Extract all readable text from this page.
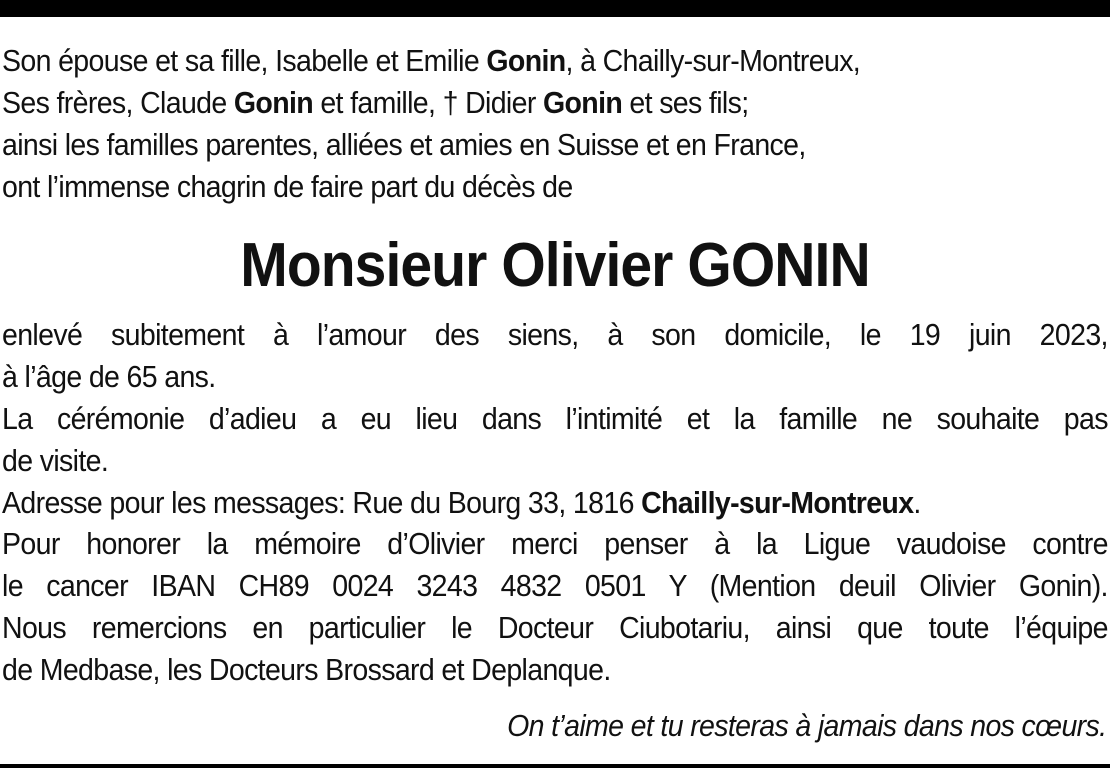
Son épouse et sa fille, Isabelle et Emilie Gonin, à Chailly-sur-Montreux,
Ses frères, Claude Gonin et famille, † Didier Gonin et ses fils;
ainsi les familles parentes, alliées et amies en Suisse et en France,
ont l’immense chagrin de faire part du décès de
Monsieur Olivier GONIN
enlevé subitement à l’amour des siens, à son domicile, le 19 juin 2023,
à l’âge de 65 ans.
La cérémonie d’adieu a eu lieu dans l’intimité et la famille ne souhaite pas
de visite.
Adresse pour les messages: Rue du Bourg 33, 1816 Chailly-sur-Montreux.
Pour honorer la mémoire d’Olivier merci penser à la Ligue vaudoise contre
le cancer IBAN CH89 0024 3243 4832 0501 Y (Mention deuil Olivier Gonin).
Nous remercions en particulier le Docteur Ciubotariu, ainsi que toute l’équipe
de Medbase, les Docteurs Brossard et Deplanque.
On t’aime et tu resteras à jamais dans nos cœurs.
